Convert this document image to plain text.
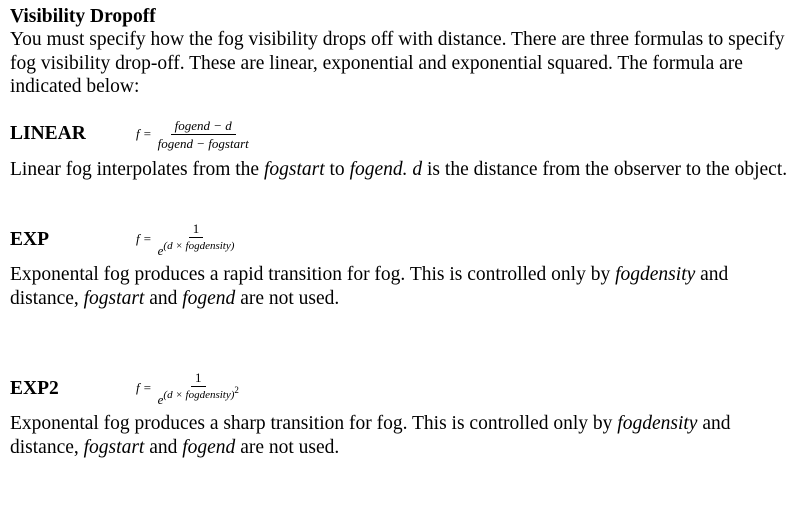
Visibility Dropoff

You must specify how the fog visibility drops off with distance. There are three formulas to specify fog visibility drop-off. These are linear, exponential and exponential squared. The formula are indicated below:

LINEAR	$f = \frac{\text{fogend − d}}{\text{fogend − fogstart}}$

Linear fog interpolates from the fogstart to fogend. d is the distance from the observer to the object.

EXP	$f = \frac{1}{\text{e(d × fogdensity)}}$

Exponental fog produces a rapid transition for fog. This is controlled only by fogdensity and distance, fogstart and fogend are not used.

EXP2	$f = \frac{1}{e(d \times fogdensity)^2}$

Exponental fog produces a sharp transition for fog. This is controlled only by fogdensity and distance, fogstart and fogend are not used.
